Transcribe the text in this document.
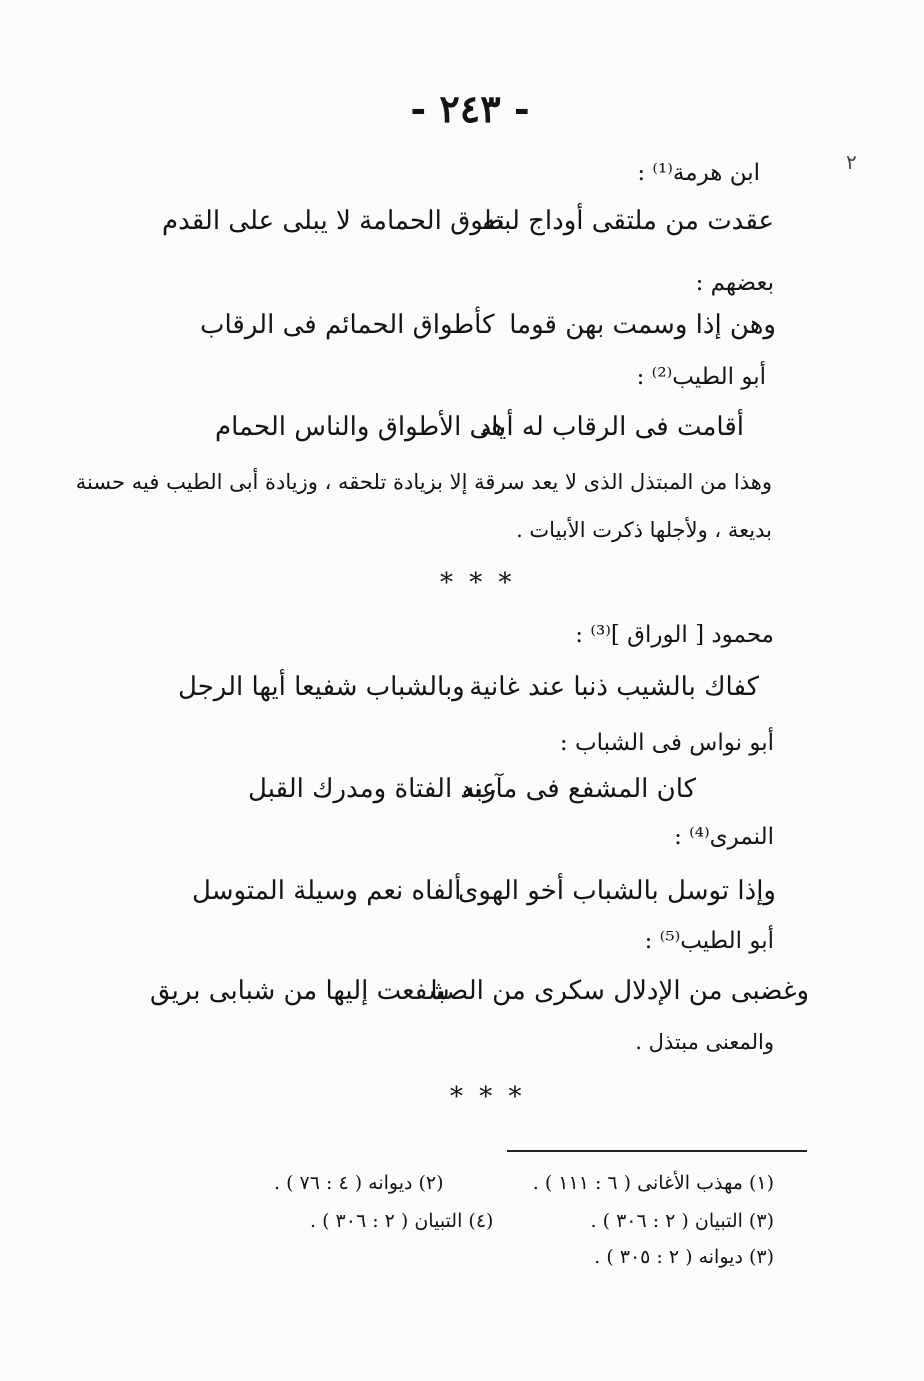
٢
- ٢٤٣ -
ابن هرمة⁽¹⁾ :
عقدت من ملتقى أوداج لبته
طوق الحمامة لا يبلى على القدم
بعضهم :
وهن إذا وسمت بهن قوما
كأطواق الحمائم فى الرقاب
أبو الطيب⁽²⁾ :
أقامت فى الرقاب له أياد
هى الأطواق والناس الحمام
وهذا من المبتذل الذى لا يعد سرقة إلا بزيادة تلحقه ، وزيادة أبى الطيب فيه حسنة
بديعة ، ولأجلها ذكرت الأبيات .
* * *
محمود [ الوراق ]⁽³⁾ :
كفاك بالشيب ذنبا عند غانية
وبالشباب شفيعا أيها الرجل
أبو نواس فى الشباب :
كان المشفع فى مآربه
عند الفتاة ومدرك القبل
النمرى⁽⁴⁾ :
وإذا توسل بالشباب أخو الهوى
ألفاه نعم وسيلة المتوسل
أبو الطيب⁽⁵⁾ :
وغضبى من الإدلال سكرى من الصبا
شفعت إليها من شبابى بريق
والمعنى مبتذل .
* * *
(١) مهذب الأغانى ( ٦ : ١١١ ) .
(٢) ديوانه ( ٤ : ٧٦ ) .
(٣) التبيان ( ٢ : ٣٠٦ ) .
(٤) التبيان ( ٢ : ٣٠٦ ) .
(٣) ديوانه ( ٢ : ٣٠٥ ) .
